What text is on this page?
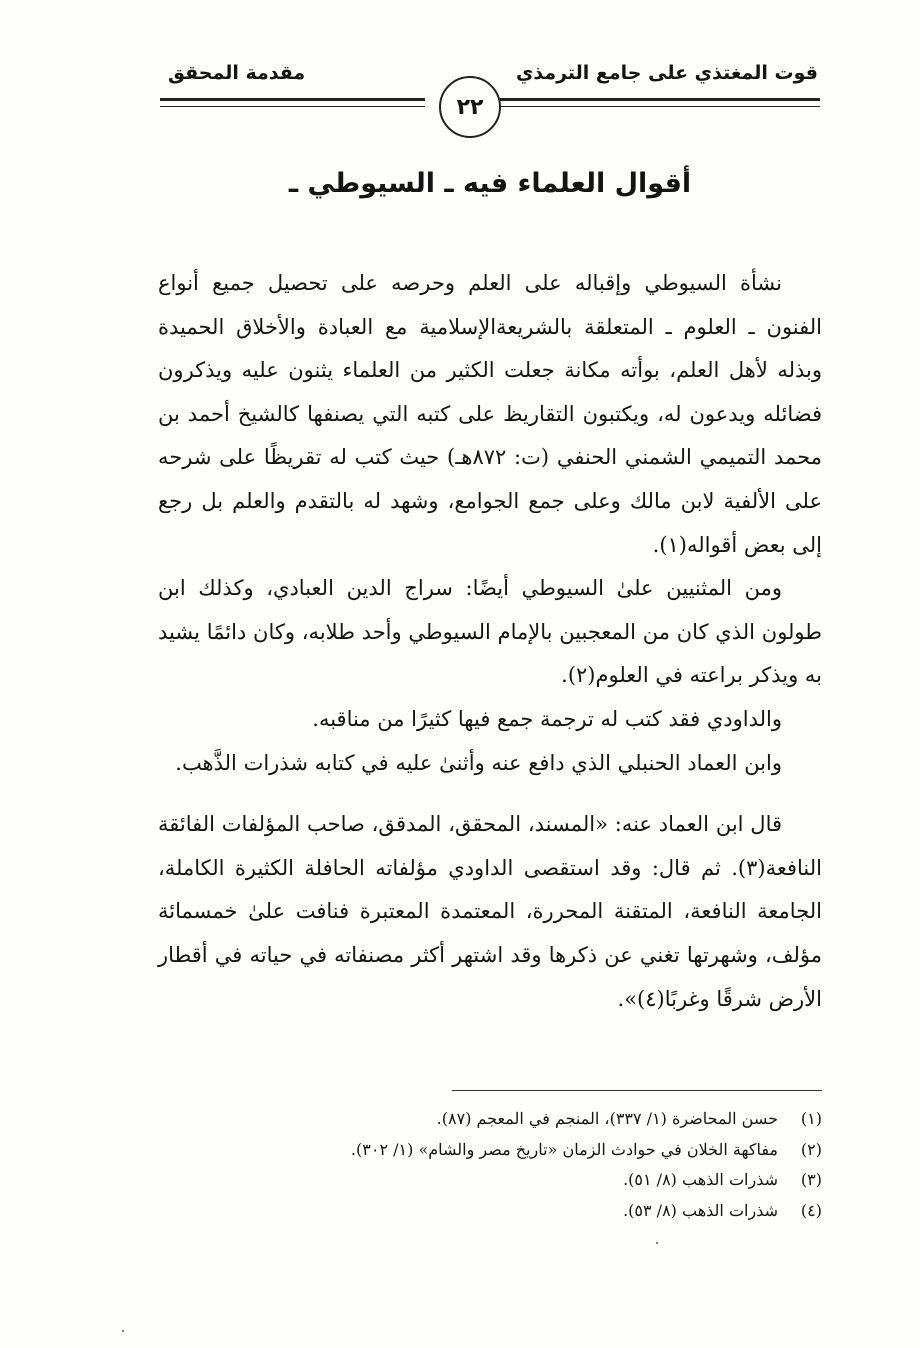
قوت المغتذي على جامع الترمذي
مقدمة المحقق
٢٢
أقوال العلماء فيه ـ السيوطي ـ

نشأة السيوطي وإقباله على العلم وحرصه على تحصيل جميع أنواع الفنون ـ العلوم ـ المتعلقة بالشريعةالإسلامية مع العبادة والأخلاق الحميدة وبذله لأهل العلم، بوأته مكانة جعلت الكثير من العلماء يثنون عليه ويذكرون فضائله ويدعون له، ويكتبون التقاريظ على كتبه التي يصنفها كالشيخ أحمد بن محمد التميمي الشمني الحنفي (ت: ٨٧٢هـ) حيث كتب له تقريظًا على شرحه على الألفية لابن مالك وعلى جمع الجوامع، وشهد له بالتقدم والعلم بل رجع إلى بعض أقواله(١).

ومن المثنيين علىٰ السيوطي أيضًا: سراج الدين العبادي، وكذلك ابن طولون الذي كان من المعجبين بالإمام السيوطي وأحد طلابه، وكان دائمًا يشيد به ويذكر براعته في العلوم(٢).

والداودي فقد كتب له ترجمة جمع فيها كثيرًا من مناقبه.

وابن العماد الحنبلي الذي دافع عنه وأثنىٰ عليه في كتابه شذرات الذَّهب.

قال ابن العماد عنه: «المسند، المحقق، المدقق، صاحب المؤلفات الفائقة النافعة(٣). ثم قال: وقد استقصى الداودي مؤلفاته الحافلة الكثيرة الكاملة، الجامعة النافعة، المتقنة المحررة، المعتمدة المعتبرة فنافت علىٰ خمسمائة مؤلف، وشهرتها تغني عن ذكرها وقد اشتهر أكثر مصنفاته في حياته في أقطار الأرض شرقًا وغربًا(٤)».

(١)
حسن المحاضرة (١/ ٣٣٧)، المنجم في المعجم (٨٧).
(٢)
مفاكهة الخلان في حوادث الزمان «تاريخ مصر والشام» (١/ ٣٠٢).
(٣)
شذرات الذهب (٨/ ٥١).
(٤)
شذرات الذهب (٨/ ٥٣).
